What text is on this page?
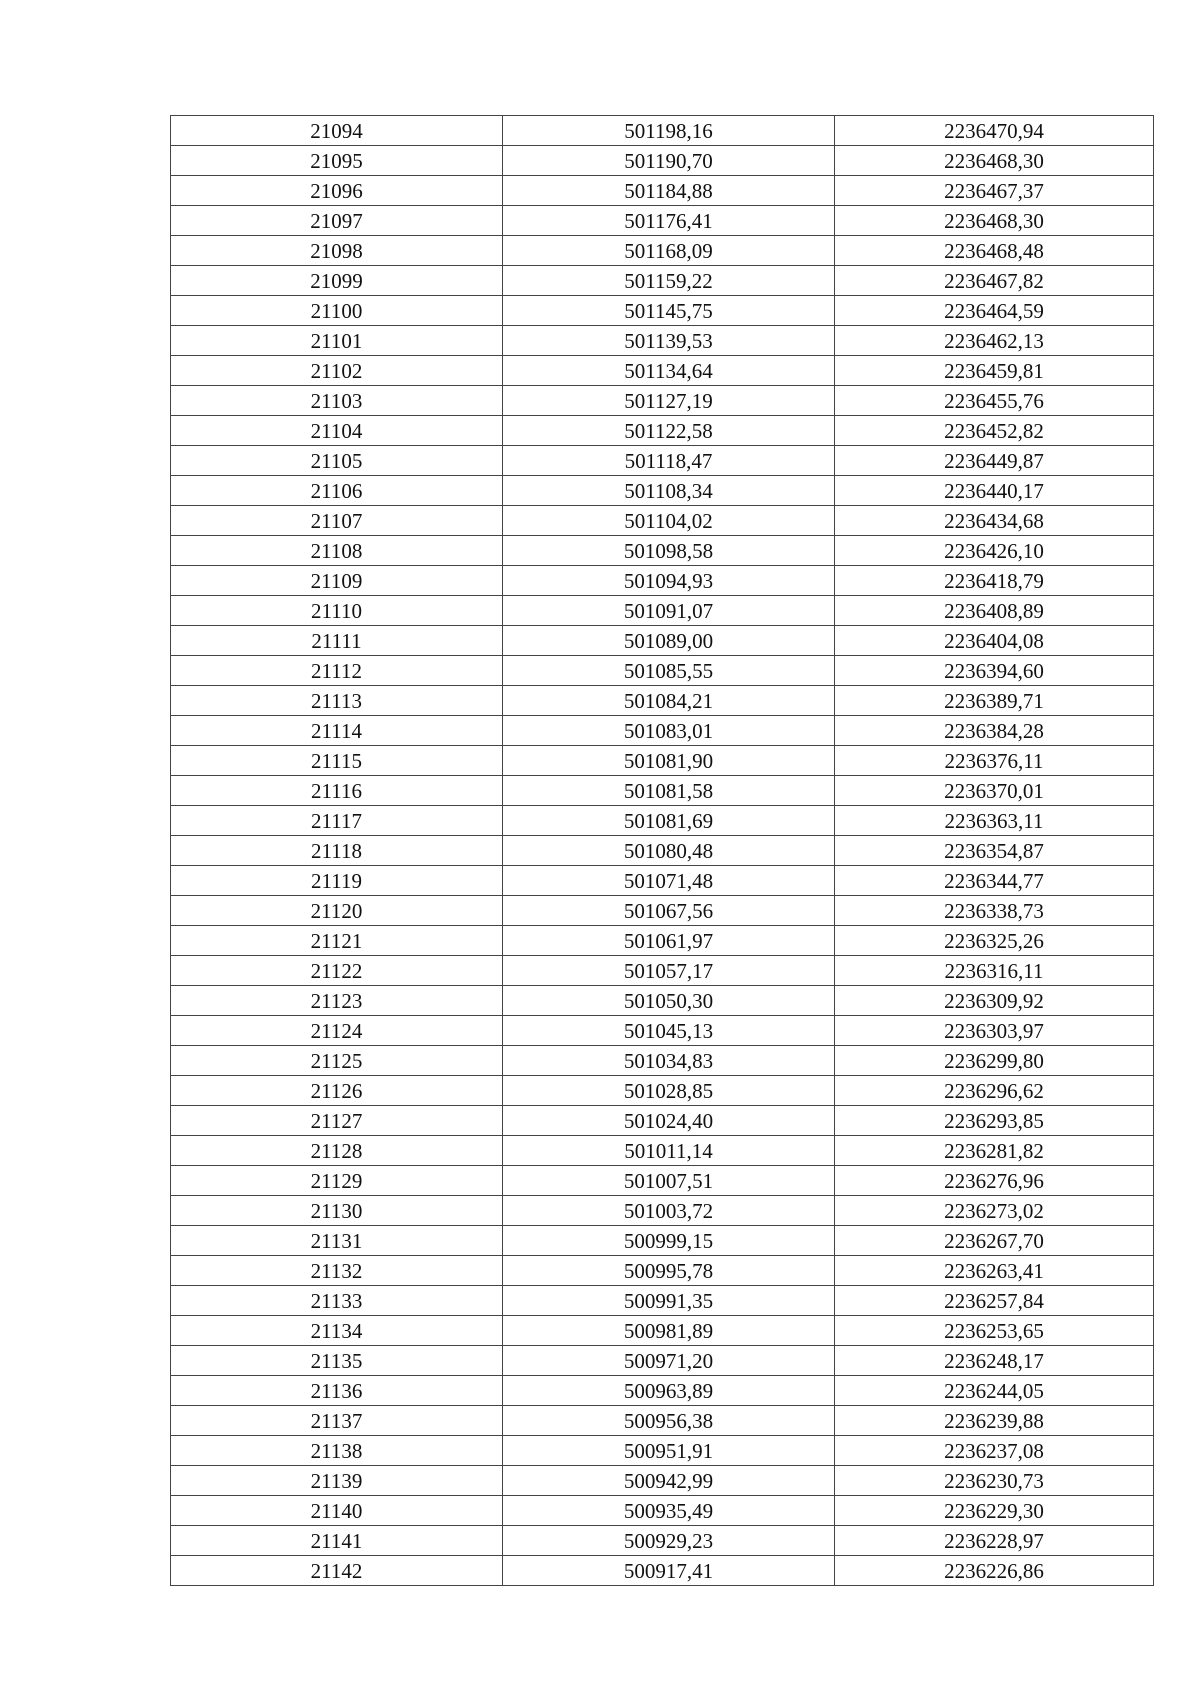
21094	501198,16	2236470,94
21095	501190,70	2236468,30
21096	501184,88	2236467,37
21097	501176,41	2236468,30
21098	501168,09	2236468,48
21099	501159,22	2236467,82
21100	501145,75	2236464,59
21101	501139,53	2236462,13
21102	501134,64	2236459,81
21103	501127,19	2236455,76
21104	501122,58	2236452,82
21105	501118,47	2236449,87
21106	501108,34	2236440,17
21107	501104,02	2236434,68
21108	501098,58	2236426,10
21109	501094,93	2236418,79
21110	501091,07	2236408,89
21111	501089,00	2236404,08
21112	501085,55	2236394,60
21113	501084,21	2236389,71
21114	501083,01	2236384,28
21115	501081,90	2236376,11
21116	501081,58	2236370,01
21117	501081,69	2236363,11
21118	501080,48	2236354,87
21119	501071,48	2236344,77
21120	501067,56	2236338,73
21121	501061,97	2236325,26
21122	501057,17	2236316,11
21123	501050,30	2236309,92
21124	501045,13	2236303,97
21125	501034,83	2236299,80
21126	501028,85	2236296,62
21127	501024,40	2236293,85
21128	501011,14	2236281,82
21129	501007,51	2236276,96
21130	501003,72	2236273,02
21131	500999,15	2236267,70
21132	500995,78	2236263,41
21133	500991,35	2236257,84
21134	500981,89	2236253,65
21135	500971,20	2236248,17
21136	500963,89	2236244,05
21137	500956,38	2236239,88
21138	500951,91	2236237,08
21139	500942,99	2236230,73
21140	500935,49	2236229,30
21141	500929,23	2236228,97
21142	500917,41	2236226,86
